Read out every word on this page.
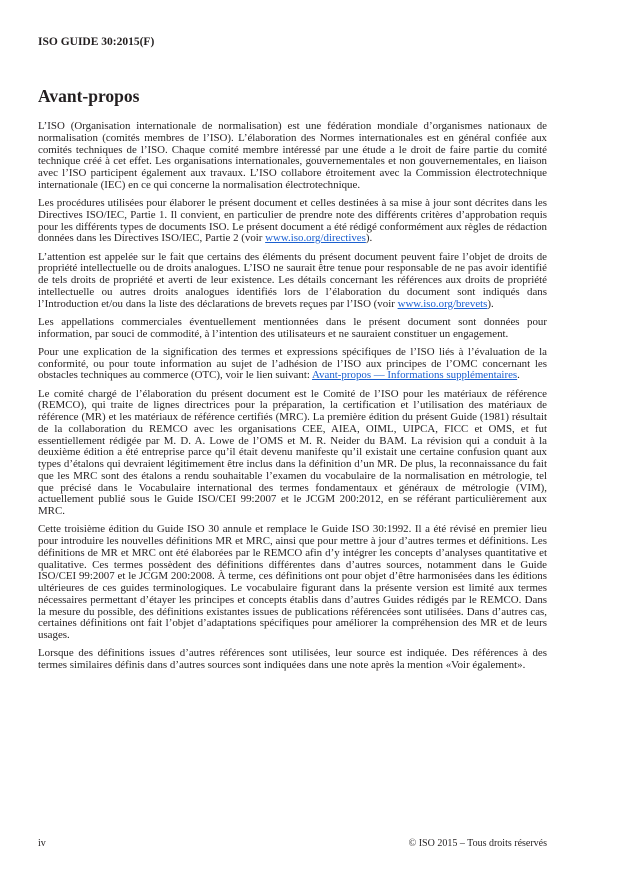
ISO GUIDE 30:2015(F)
Avant-propos

L’ISO (Organisation internationale de normalisation) est une fédération mondiale d’organismes nationaux de normalisation (comités membres de l’ISO). L’élaboration des Normes internationales est en général confiée aux comités techniques de l’ISO. Chaque comité membre intéressé par une étude a le droit de faire partie du comité technique créé à cet effet. Les organisations internationales, gouvernementales et non gouvernementales, en liaison avec l’ISO participent également aux travaux. L’ISO collabore étroitement avec la Commission électrotechnique internationale (IEC) en ce qui concerne la normalisation électrotechnique.

Les procédures utilisées pour élaborer le présent document et celles destinées à sa mise à jour sont décrites dans les Directives ISO/IEC, Partie 1. Il convient, en particulier de prendre note des différents critères d’approbation requis pour les différents types de documents ISO. Le présent document a été rédigé conformément aux règles de rédaction données dans les Directives ISO/IEC, Partie 2 (voir www.iso.org/directives).

L’attention est appelée sur le fait que certains des éléments du présent document peuvent faire l’objet de droits de propriété intellectuelle ou de droits analogues. L’ISO ne saurait être tenue pour responsable de ne pas avoir identifié de tels droits de propriété et averti de leur existence. Les détails concernant les références aux droits de propriété intellectuelle ou autres droits analogues identifiés lors de l’élaboration du document sont indiqués dans l’Introduction et/ou dans la liste des déclarations de brevets reçues par l’ISO (voir www.iso.org/brevets).

Les appellations commerciales éventuellement mentionnées dans le présent document sont données pour information, par souci de commodité, à l’intention des utilisateurs et ne sauraient constituer un engagement.

Pour une explication de la signification des termes et expressions spécifiques de l’ISO liés à l’évaluation de la conformité, ou pour toute information au sujet de l’adhésion de l’ISO aux principes de l’OMC concernant les obstacles techniques au commerce (OTC), voir le lien suivant: Avant-propos — Informations supplémentaires.

Le comité chargé de l’élaboration du présent document est le Comité de l’ISO pour les matériaux de référence (REMCO), qui traite de lignes directrices pour la préparation, la certification et l’utilisation des matériaux de référence (MR) et les matériaux de référence certifiés (MRC). La première édition du présent Guide (1981) résultait de la collaboration du REMCO avec les organisations CEE, AIEA, OIML, UIPCA, FICC et OMS, et fut essentiellement rédigée par M. D. A. Lowe de l’OMS et M. R. Neider du BAM. La révision qui a conduit à la deuxième édition a été entreprise parce qu’il était devenu manifeste qu’il existait une certaine confusion quant aux types d’étalons qui devraient légitimement être inclus dans la définition d’un MR. De plus, la reconnaissance du fait que les MRC sont des étalons a rendu souhaitable l’examen du vocabulaire de la normalisation en métrologie, tel que précisé dans le Vocabulaire international des termes fondamentaux et généraux de métrologie (VIM), actuellement publié sous le Guide ISO/CEI 99:2007 et le JCGM 200:2012, en se référant particulièrement aux MRC.

Cette troisième édition du Guide ISO 30 annule et remplace le Guide ISO 30:1992. Il a été révisé en premier lieu pour introduire les nouvelles définitions MR et MRC, ainsi que pour mettre à jour d’autres termes et définitions. Les définitions de MR et MRC ont été élaborées par le REMCO afin d’y intégrer les concepts d’analyses quantitative et qualitative. Ces termes possèdent des définitions différentes dans d’autres sources, notamment dans le Guide ISO/CEI 99:2007 et le JCGM 200:2008. À terme, ces définitions ont pour objet d’être harmonisées dans les éditions ultérieures de ces guides terminologiques. Le vocabulaire figurant dans la présente version est limité aux termes nécessaires permettant d’étayer les principes et concepts établis dans d’autres Guides rédigés par le REMCO. Dans la mesure du possible, des définitions existantes issues de publications référencées sont utilisées. Dans d’autres cas, certaines définitions ont fait l’objet d’adaptations spécifiques pour améliorer la compréhension des MR et de leurs usages.

Lorsque des définitions issues d’autres références sont utilisées, leur source est indiquée. Des références à des termes similaires définis dans d’autres sources sont indiquées dans une note après la mention «Voir également».

iv	© ISO 2015 – Tous droits réservés
